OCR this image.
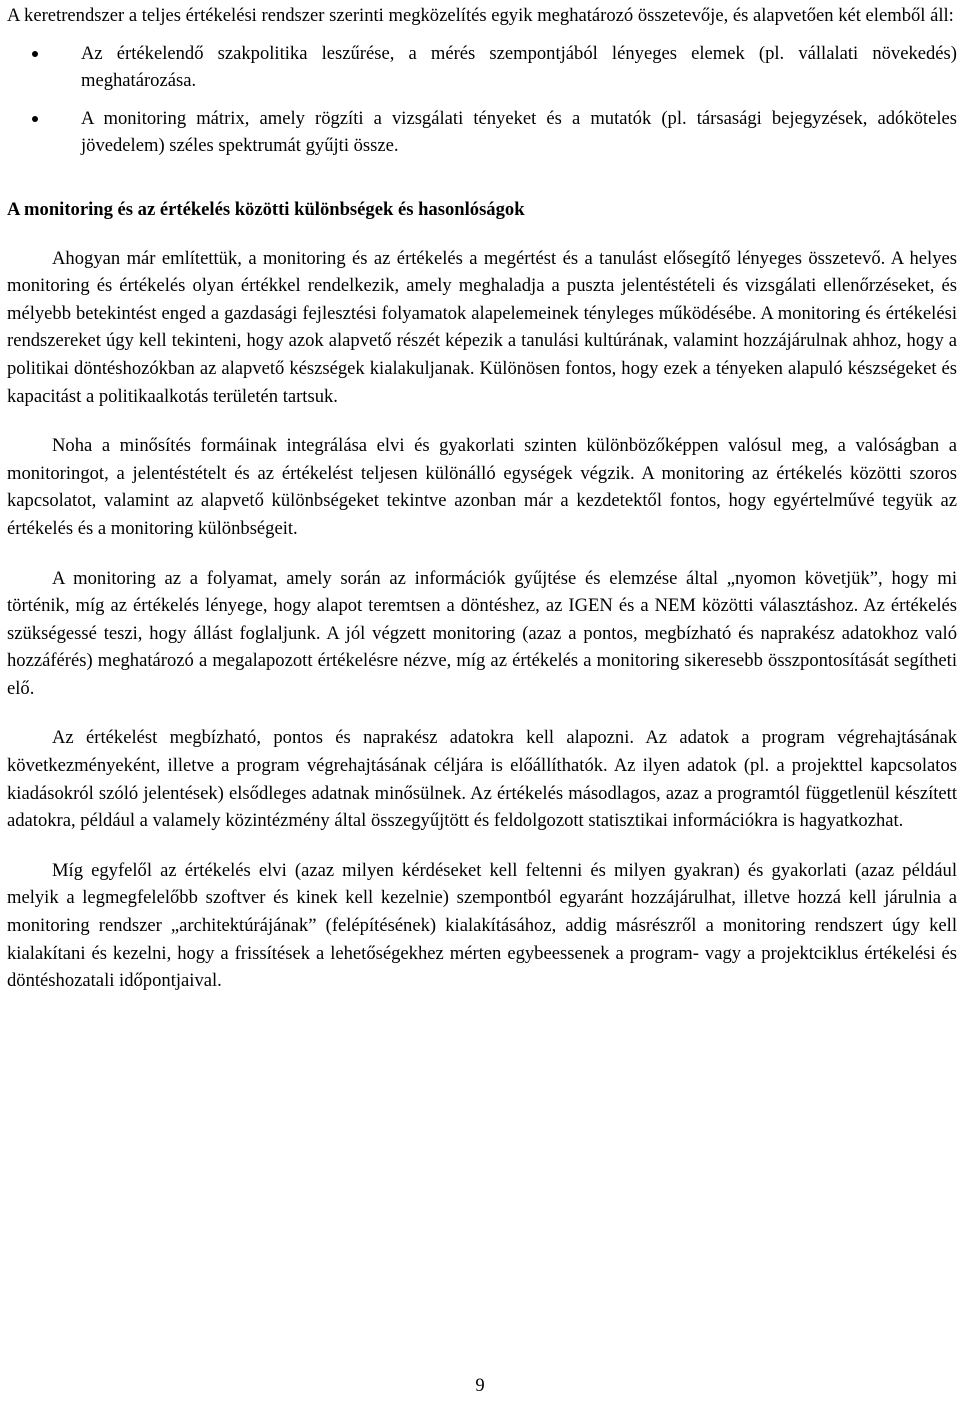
A keretrendszer a teljes értékelési rendszer szerinti megközelítés egyik meghatározó összetevője, és alapvetően két elemből áll:

Az értékelendő szakpolitika leszűrése, a mérés szempontjából lényeges elemek (pl. vállalati növekedés) meghatározása.
A monitoring mátrix, amely rögzíti a vizsgálati tényeket és a mutatók (pl. társasági bejegyzések, adóköteles jövedelem) széles spektrumát gyűjti össze.

A monitoring és az értékelés közötti különbségek és hasonlóságok

Ahogyan már említettük, a monitoring és az értékelés a megértést és a tanulást elősegítő lényeges összetevő. A helyes monitoring és értékelés olyan értékkel rendelkezik, amely meghaladja a puszta jelentéstételi és vizsgálati ellenőrzéseket, és mélyebb betekintést enged a gazdasági fejlesztési folyamatok alapelemeinek tényleges működésébe. A monitoring és értékelési rendszereket úgy kell tekinteni, hogy azok alapvető részét képezik a tanulási kultúrának, valamint hozzájárulnak ahhoz, hogy a politikai döntéshozókban az alapvető készségek kialakuljanak. Különösen fontos, hogy ezek a tényeken alapuló készségeket és kapacitást a politikaalkotás területén tartsuk.

Noha a minősítés formáinak integrálása elvi és gyakorlati szinten különbözőképpen valósul meg, a valóságban a monitoringot, a jelentéstételt és az értékelést teljesen különálló egységek végzik. A monitoring az értékelés közötti szoros kapcsolatot, valamint az alapvető különbségeket tekintve azonban már a kezdetektől fontos, hogy egyértelművé tegyük az értékelés és a monitoring különbségeit.

A monitoring az a folyamat, amely során az információk gyűjtése és elemzése által „nyomon követjük”, hogy mi történik, míg az értékelés lényege, hogy alapot teremtsen a döntéshez, az IGEN és a NEM közötti választáshoz. Az értékelés szükségessé teszi, hogy állást foglaljunk. A jól végzett monitoring (azaz a pontos, megbízható és naprakész adatokhoz való hozzáférés) meghatározó a megalapozott értékelésre nézve, míg az értékelés a monitoring sikeresebb összpontosítását segítheti elő.

Az értékelést megbízható, pontos és naprakész adatokra kell alapozni. Az adatok a program végrehajtásának következményeként, illetve a program végrehajtásának céljára is előállíthatók. Az ilyen adatok (pl. a projekttel kapcsolatos kiadásokról szóló jelentések) elsődleges adatnak minősülnek. Az értékelés másodlagos, azaz a programtól függetlenül készített adatokra, például a valamely közintézmény által összegyűjtött és feldolgozott statisztikai információkra is hagyatkozhat.

Míg egyfelől az értékelés elvi (azaz milyen kérdéseket kell feltenni és milyen gyakran) és gyakorlati (azaz például melyik a legmegfelelőbb szoftver és kinek kell kezelnie) szempontból egyaránt hozzájárulhat, illetve hozzá kell járulnia a monitoring rendszer „architektúrájának” (felépítésének) kialakításához, addig másrészről a monitoring rendszert úgy kell kialakítani és kezelni, hogy a frissítések a lehetőségekhez mérten egybeessenek a program- vagy a projektciklus értékelési és döntéshozatali időpontjaival.

9
